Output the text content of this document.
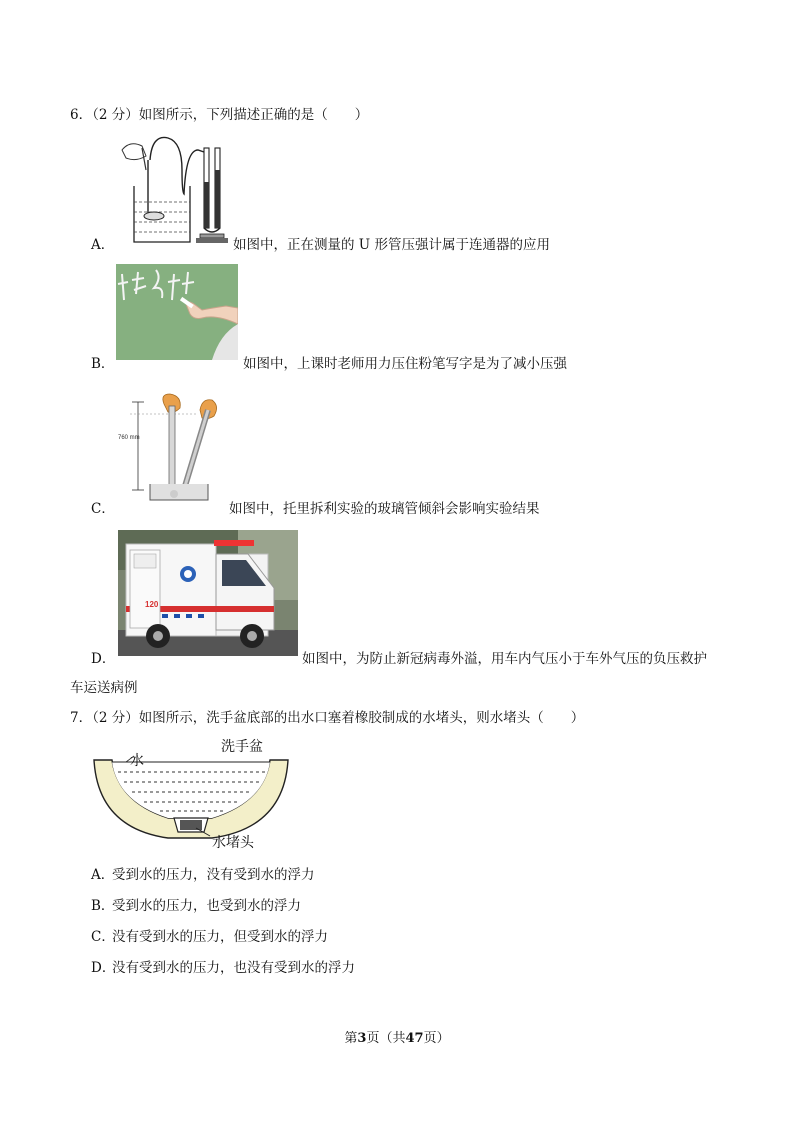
6．（2 分）如图所示，下列描述正确的是（　　）
A．	如图中，正在测量的 U 形管压强计属于连通器的应用
B．	如图中，上课时老师用力压住粉笔写字是为了减小压强
760 mm
C．	如图中，托里拆利实验的玻璃管倾斜会影响实验结果
120
D．	如图中，为防止新冠病毒外溢，用车内气压小于车外气压的负压救护
车运送病例
7．（2 分）如图所示，洗手盆底部的出水口塞着橡胶制成的水堵头，则水堵头（　　）
洗手盆
水
水堵头
A．
受到水的压力，没有受到水的浮力
B．
受到水的压力，也受到水的浮力
C．
没有受到水的压力，但受到水的浮力
D．
没有受到水的压力，也没有受到水的浮力
第3页（共47页）
